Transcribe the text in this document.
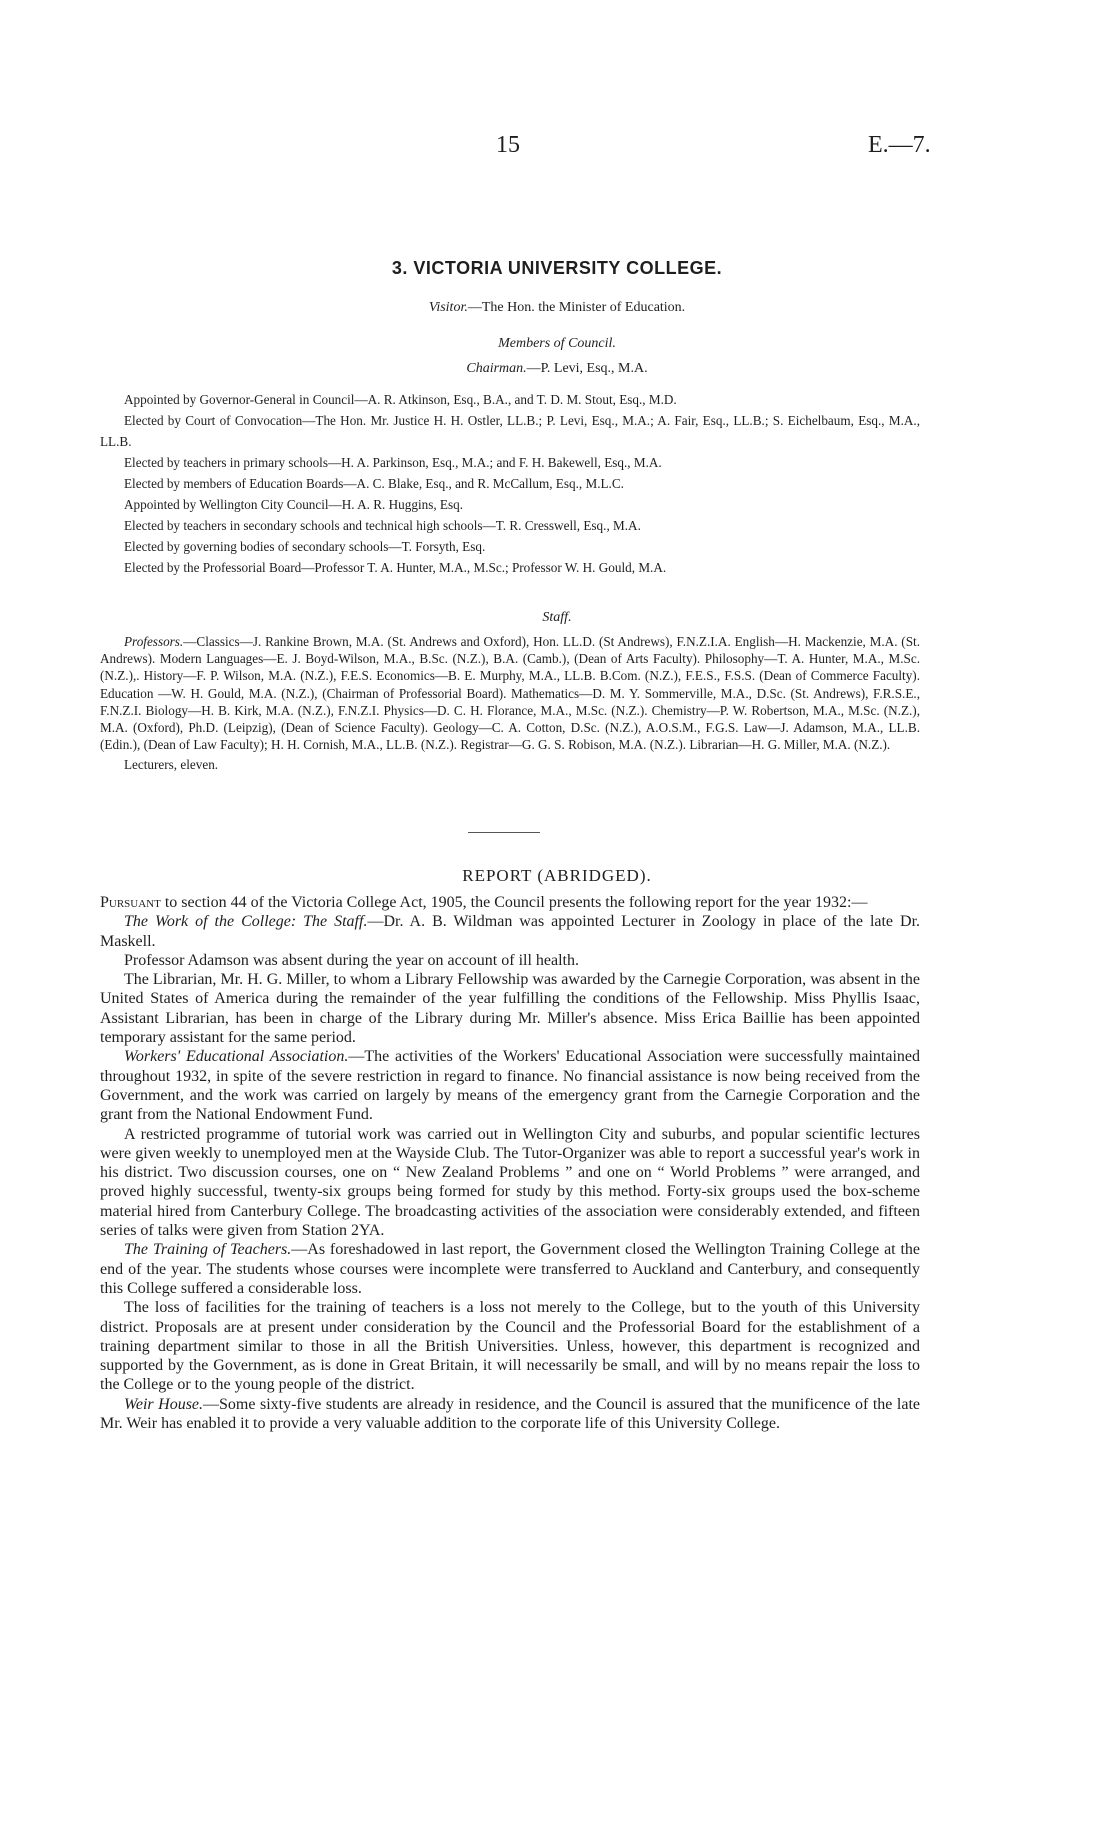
15	E.—7.
3. VICTORIA UNIVERSITY COLLEGE.
Visitor.—The Hon. the Minister of Education.
Members of Council.
Chairman.—P. Levi, Esq., M.A.

Appointed by Governor-General in Council—A. R. Atkinson, Esq., B.A., and T. D. M. Stout, Esq., M.D.

Elected by Court of Convocation—The Hon. Mr. Justice H. H. Ostler, LL.B.; P. Levi, Esq., M.A.; A. Fair, Esq., LL.B.; S. Eichelbaum, Esq., M.A., LL.B.

Elected by teachers in primary schools—H. A. Parkinson, Esq., M.A.; and F. H. Bakewell, Esq., M.A.

Elected by members of Education Boards—A. C. Blake, Esq., and R. McCallum, Esq., M.L.C.

Appointed by Wellington City Council—H. A. R. Huggins, Esq.

Elected by teachers in secondary schools and technical high schools—T. R. Cresswell, Esq., M.A.

Elected by governing bodies of secondary schools—T. Forsyth, Esq.

Elected by the Professorial Board—Professor T. A. Hunter, M.A., M.Sc.; Professor W. H. Gould, M.A.

Staff.

Professors.—Classics—J. Rankine Brown, M.A. (St. Andrews and Oxford), Hon. LL.D. (St Andrews), F.N.Z.I.A. English—H. Mackenzie, M.A. (St. Andrews). Modern Languages—E. J. Boyd-Wilson, M.A., B.Sc. (N.Z.), B.A. (Camb.), (Dean of Arts Faculty). Philosophy—T. A. Hunter, M.A., M.Sc. (N.Z.),. History—F. P. Wilson, M.A. (N.Z.), F.E.S. Economics—B. E. Murphy, M.A., LL.B. B.Com. (N.Z.), F.E.S., F.S.S. (Dean of Commerce Faculty). Education —W. H. Gould, M.A. (N.Z.), (Chairman of Professorial Board). Mathematics—D. M. Y. Sommerville, M.A., D.Sc. (St. Andrews), F.R.S.E., F.N.Z.I. Biology—H. B. Kirk, M.A. (N.Z.), F.N.Z.I. Physics—D. C. H. Florance, M.A., M.Sc. (N.Z.). Chemistry—P. W. Robertson, M.A., M.Sc. (N.Z.), M.A. (Oxford), Ph.D. (Leipzig), (Dean of Science Faculty). Geology—C. A. Cotton, D.Sc. (N.Z.), A.O.S.M., F.G.S. Law—J. Adamson, M.A., LL.B. (Edin.), (Dean of Law Faculty); H. H. Cornish, M.A., LL.B. (N.Z.). Registrar—G. G. S. Robison, M.A. (N.Z.). Librarian—H. G. Miller, M.A. (N.Z.).

Lecturers, eleven.

REPORT (ABRIDGED).

Pursuant to section 44 of the Victoria College Act, 1905, the Council presents the following report for the year 1932:—

The Work of the College: The Staff.—Dr. A. B. Wildman was appointed Lecturer in Zoology in place of the late Dr. Maskell.

Professor Adamson was absent during the year on account of ill health.

The Librarian, Mr. H. G. Miller, to whom a Library Fellowship was awarded by the Carnegie Corporation, was absent in the United States of America during the remainder of the year fulfilling the conditions of the Fellowship. Miss Phyllis Isaac, Assistant Librarian, has been in charge of the Library during Mr. Miller's absence. Miss Erica Baillie has been appointed temporary assistant for the same period.

Workers' Educational Association.—The activities of the Workers' Educational Association were successfully maintained throughout 1932, in spite of the severe restriction in regard to finance. No financial assistance is now being received from the Government, and the work was carried on largely by means of the emergency grant from the Carnegie Corporation and the grant from the National Endowment Fund.

A restricted programme of tutorial work was carried out in Wellington City and suburbs, and popular scientific lectures were given weekly to unemployed men at the Wayside Club. The Tutor-Organizer was able to report a successful year's work in his district. Two discussion courses, one on “ New Zealand Problems ” and one on “ World Problems ” were arranged, and proved highly successful, twenty-six groups being formed for study by this method. Forty-six groups used the box-scheme material hired from Canterbury College. The broadcasting activities of the association were considerably extended, and fifteen series of talks were given from Station 2YA.

The Training of Teachers.—As foreshadowed in last report, the Government closed the Wellington Training College at the end of the year. The students whose courses were incomplete were transferred to Auckland and Canterbury, and consequently this College suffered a considerable loss.

The loss of facilities for the training of teachers is a loss not merely to the College, but to the youth of this University district. Proposals are at present under consideration by the Council and the Professorial Board for the establishment of a training department similar to those in all the British Universities. Unless, however, this department is recognized and supported by the Government, as is done in Great Britain, it will necessarily be small, and will by no means repair the loss to the College or to the young people of the district.

Weir House.—Some sixty-five students are already in residence, and the Council is assured that the munificence of the late Mr. Weir has enabled it to provide a very valuable addition to the corporate life of this University College.
